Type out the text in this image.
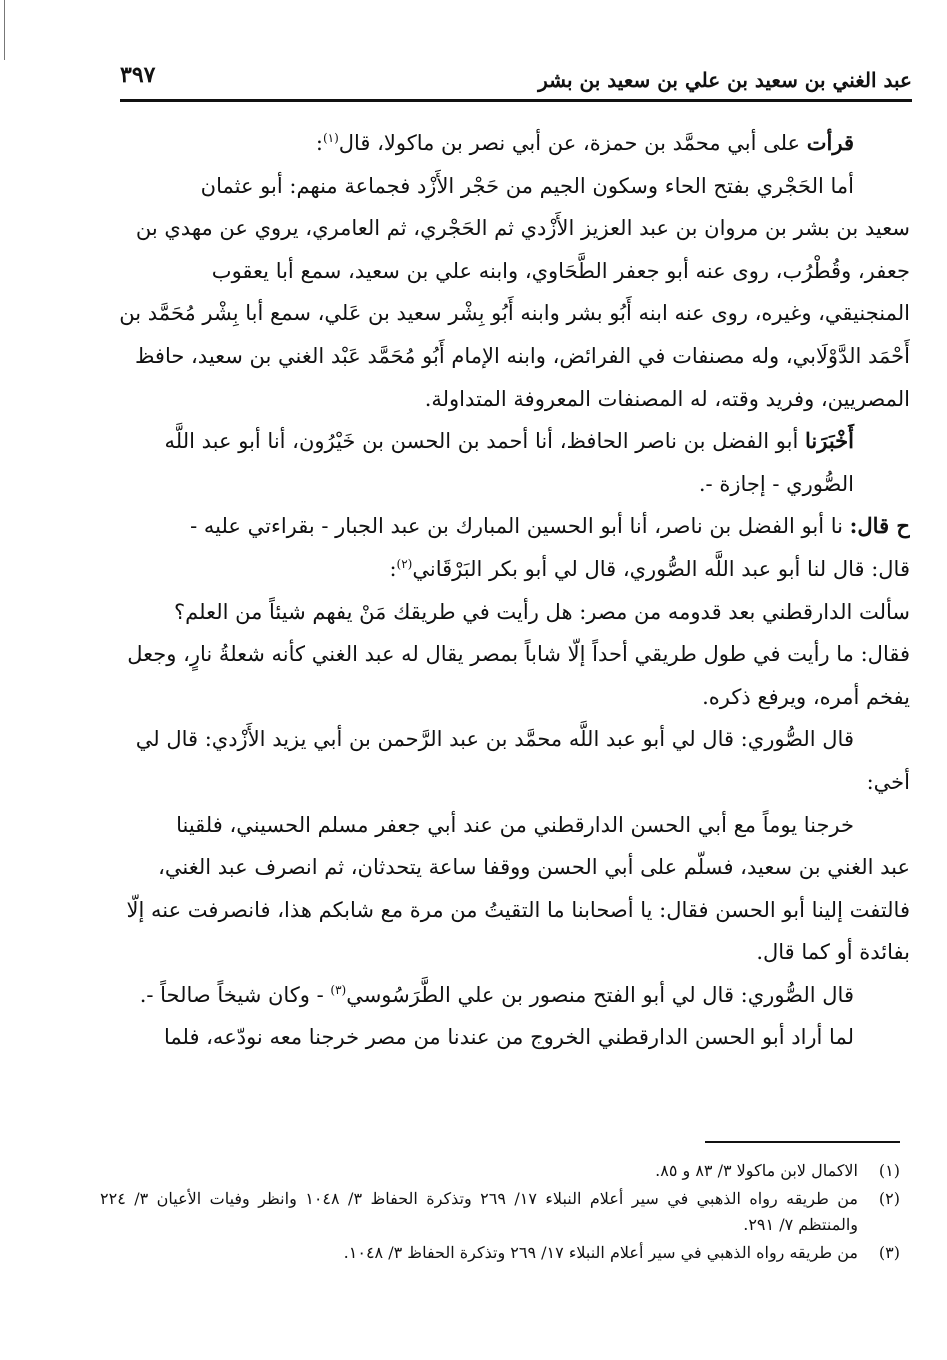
٣٩٧	عبد الغني بن سعيد بن علي بن سعيد بن بشر
قرأت على أبي محمَّد بن حمزة، عن أبي نصر بن ماكولا، قال$^{(١)}$:
أما الحَجْري بفتح الحاء وسكون الجيم من حَجْر الأَزْد فجماعة منهم: أبو عثمان
سعيد بن بشر بن مروان بن عبد العزيز الأَزْدي ثم الحَجْري، ثم العامري، يروي عن مهدي بن
جعفر، وقُطْرُب، روى عنه أبو جعفر الطَّحَاوي، وابنه علي بن سعيد، سمع أبا يعقوب
المنجنيقي، وغيره، روى عنه ابنه أَبُو بشر وابنه أَبُو بِشْر سعيد بن عَلي، سمع أبا بِشْر مُحَمَّد بن
أَحْمَد الدَّوْلَابي، وله مصنفات في الفرائض، وابنه الإمام أَبُو مُحَمَّد عَبْد الغني بن سعيد، حافظ
المصريين، وفريد وقته، له المصنفات المعروفة المتداولة.
أَخْبَرَنا أبو الفضل بن ناصر الحافظ، أنا أحمد بن الحسن بن خَيْرُون، أنا أبو عبد اللَّه
الصُّوري - إجازة -.
ح قال: نا أبو الفضل بن ناصر، أنا أبو الحسين المبارك بن عبد الجبار - بقراءتي عليه -
قال: قال لنا أبو عبد اللَّه الصُّوري، قال لي أبو بكر البَرْقَاني$^{(٢)}$:
سألت الدارقطني بعد قدومه من مصر: هل رأيت في طريقك مَنْ يفهم شيئاً من العلم؟
فقال: ما رأيت في طول طريقي أحداً إلّا شاباً بمصر يقال له عبد الغني كأنه شعلةُ نارٍ، وجعل
يفخم أمره، ويرفع ذكره.
قال الصُّوري: قال لي أبو عبد اللَّه محمَّد بن عبد الرَّحمن بن أبي يزيد الأَزْدي: قال لي
أخي:
خرجنا يوماً مع أبي الحسن الدارقطني من عند أبي جعفر مسلم الحسيني، فلقينا
عبد الغني بن سعيد، فسلّم على أبي الحسن ووقفا ساعة يتحدثان، ثم انصرف عبد الغني،
فالتفت إلينا أبو الحسن فقال: يا أصحابنا ما التقيتُ من مرة مع شابكم هذا، فانصرفت عنه إلّا
بفائدة أو كما قال.
قال الصُّوري: قال لي أبو الفتح منصور بن علي الطَّرَسُوسي$^{(٣)}$ - وكان شيخاً صالحاً -.
لما أراد أبو الحسن الدارقطني الخروج من عندنا من مصر خرجنا معه نودّعه، فلما
(١)
الاكمال لابن ماكولا ٣/ ٨٣ و ٨٥.
(٢)
من طريقه رواه الذهبي في سير أعلام النبلاء ١٧/ ٢٦٩ وتذكرة الحفاظ ٣/ ١٠٤٨ وانظر وفيات الأعيان ٣/ ٢٢٤ والمنتظم ٧/ ٢٩١.
(٣)
من طريقه رواه الذهبي في سير أعلام النبلاء ١٧/ ٢٦٩ وتذكرة الحفاظ ٣/ ١٠٤٨.
